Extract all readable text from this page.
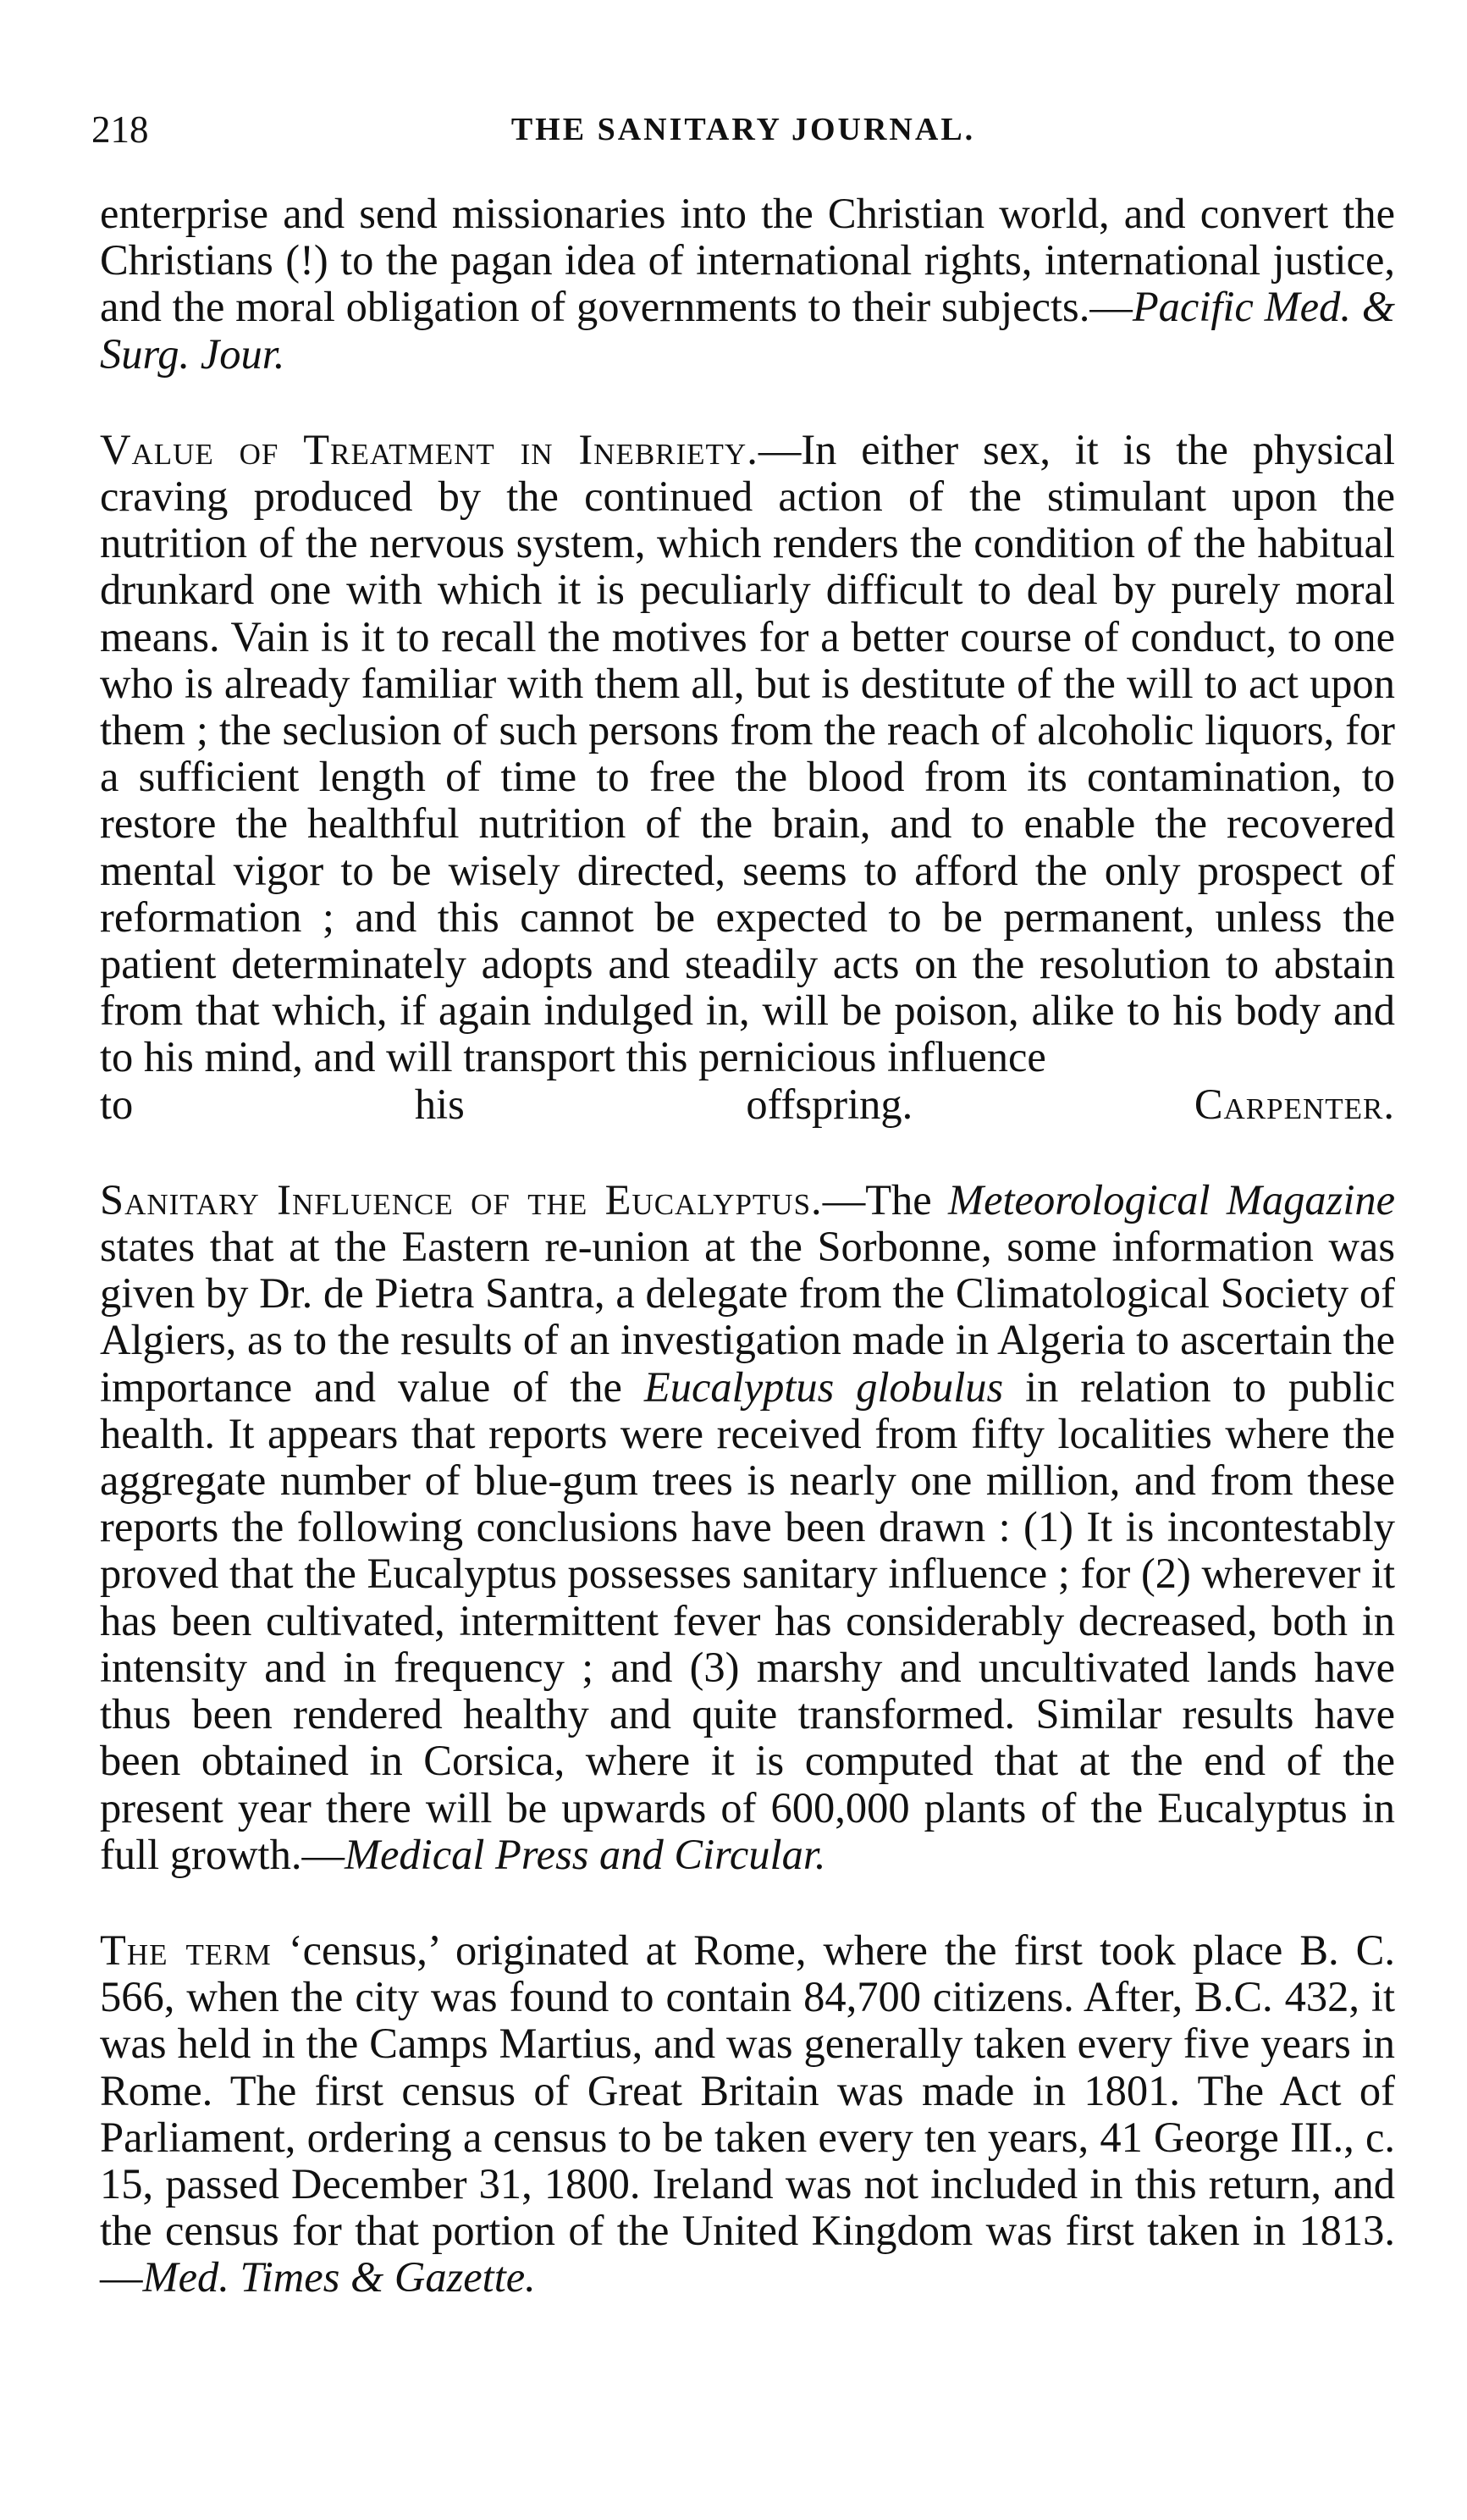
218	THE SANITARY JOURNAL.

enterprise and send missionaries into the Christian world, and convert the Christians (!) to the pagan idea of international rights, international justice, and the moral obligation of governments to their subjects.—Pacific Med. & Surg. Jour.

Value of Treatment in Inebriety.—In either sex, it is the physical craving produced by the continued action of the stimulant upon the nutrition of the nervous system, which renders the condition of the habitual drunkard one with which it is peculiarly difficult to deal by purely moral means. Vain is it to recall the motives for a better course of conduct, to one who is already familiar with them all, but is destitute of the will to act upon them ; the seclusion of such persons from the reach of alcoholic liquors, for a sufficient length of time to free the blood from its contamination, to restore the healthful nutrition of the brain, and to enable the recovered mental vigor to be wisely directed, seems to afford the only prospect of reformation ; and this cannot be expected to be permanent, unless the patient determinately adopts and steadily acts on the resolution to abstain from that which, if again indulged in, will be poison, alike to his body and to his mind, and will transport this pernicious influence

to his offspring.	Carpenter.

Sanitary Influence of the Eucalyptus.—The Meteorological Magazine states that at the Eastern re-union at the Sorbonne, some information was given by Dr. de Pietra Santra, a delegate from the Climatological Society of Algiers, as to the results of an investigation made in Algeria to ascertain the importance and value of the Eucalyptus globulus in relation to public health. It appears that reports were received from fifty localities where the aggregate number of blue-gum trees is nearly one million, and from these reports the following conclusions have been drawn : (1) It is incontestably proved that the Eucalyptus possesses sanitary influence ; for (2) wherever it has been cultivated, intermittent fever has considerably decreased, both in intensity and in frequency ; and (3) marshy and uncultivated lands have thus been rendered healthy and quite transformed. Similar results have been obtained in Corsica, where it is computed that at the end of the present year there will be upwards of 600,000 plants of the Eucalyptus in full growth.—Medical Press and Circular.

The term ‘census,’ originated at Rome, where the first took place B. C. 566, when the city was found to contain 84,700 citizens. After, B.C. 432, it was held in the Camps Martius, and was generally taken every five years in Rome. The first census of Great Britain was made in 1801. The Act of Parliament, ordering a census to be taken every ten years, 41 George III., c. 15, passed December 31, 1800. Ireland was not included in this return, and the census for that portion of the United Kingdom was first taken in 1813.—Med. Times & Gazette.
